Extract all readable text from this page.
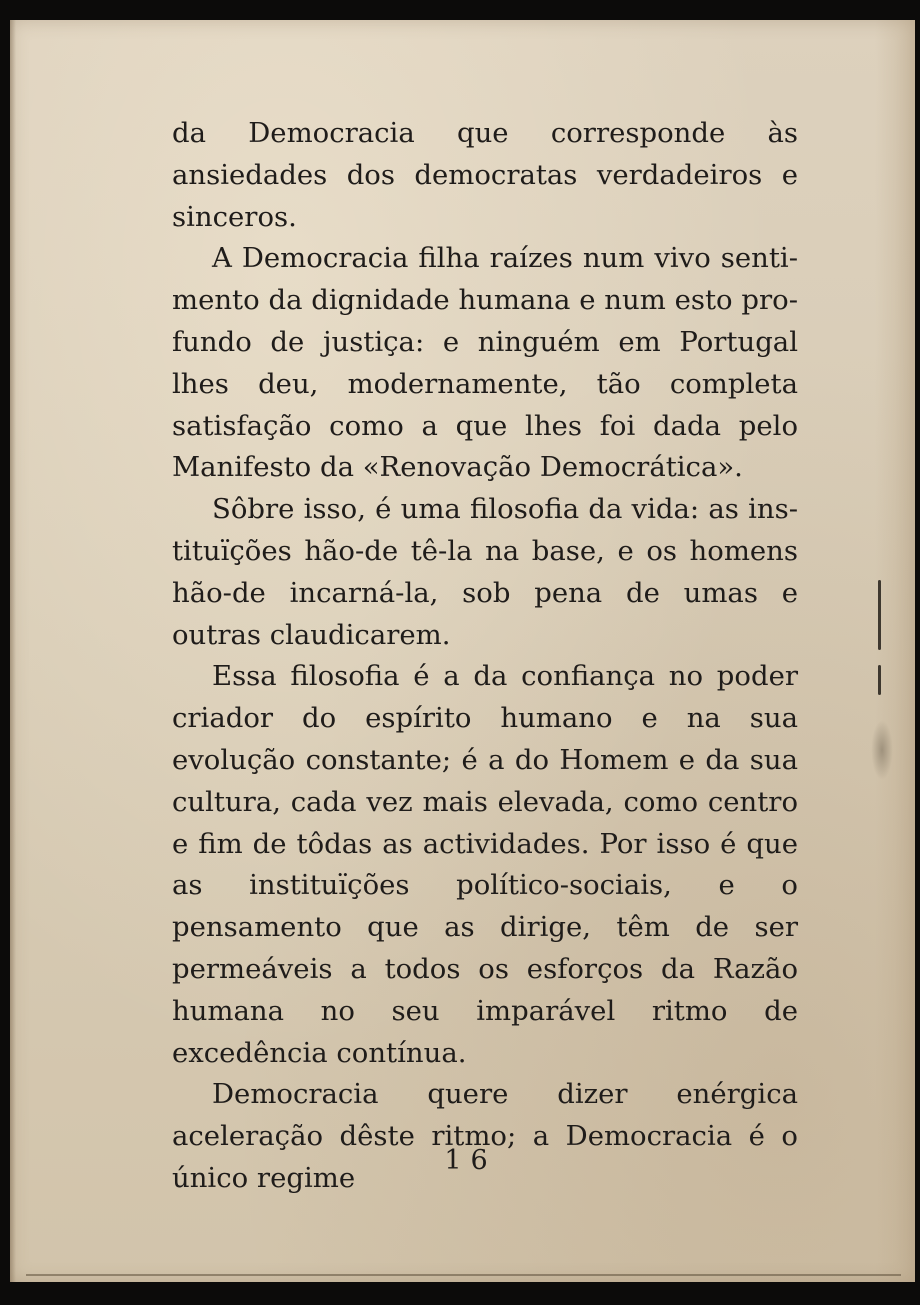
da Democracia que corresponde às ansiedades dos democratas verdadeiros e sinceros.

A Democracia filha raízes num vivo sentimento da dignidade humana e num esto profundo de justiça: e ninguém em Portugal lhes deu, modernamente, tão completa satisfação como a que lhes foi dada pelo Manifesto da «Renovação Democrática».

Sôbre isso, é uma filosofia da vida: as instituïções hão-de tê-la na base, e os homens hão-de incarná-la, sob pena de umas e outras claudicarem.

Essa filosofia é a da confiança no poder criador do espírito humano e na sua evolução constante; é a do Homem e da sua cultura, cada vez mais elevada, como centro e fim de tôdas as actividades. Por isso é que as instituïções político-sociais, e o pensamento que as dirige, têm de ser permeáveis a todos os esforços da Razão humana no seu imparável ritmo de excedência contínua.

Democracia quere dizer enérgica aceleração dêste ritmo; a Democracia é o único regime

16
